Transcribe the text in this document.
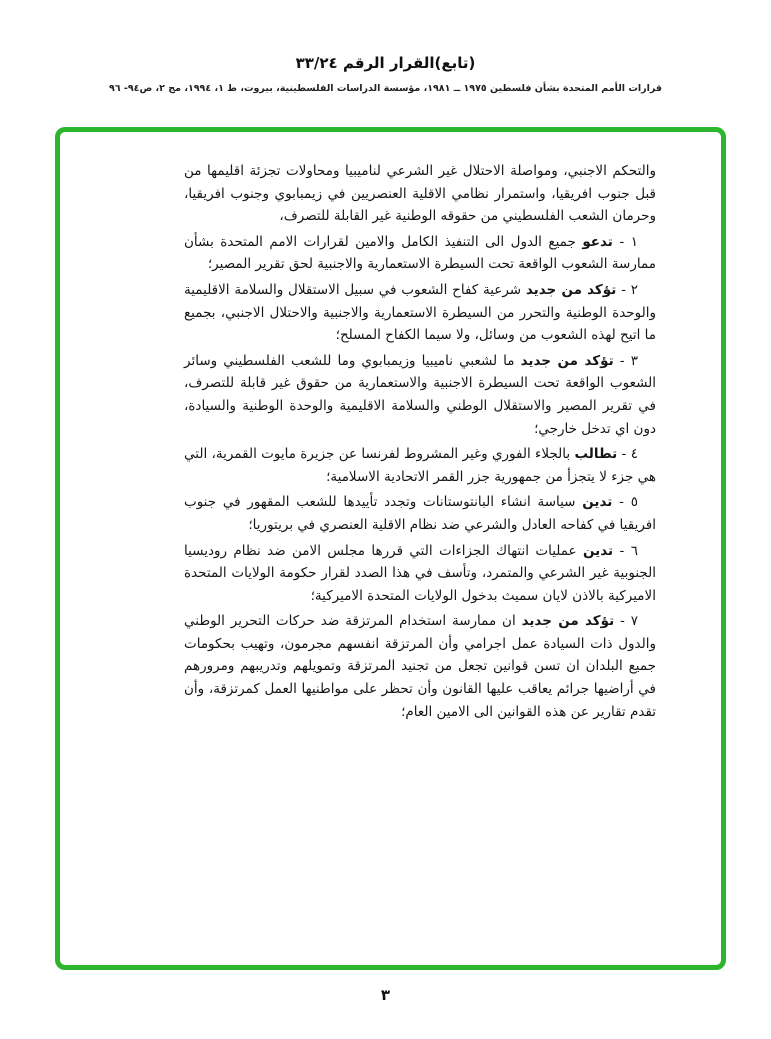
(تابع)القرار الرقم ٣٣/٢٤
قرارات الأمم المتحدة بشأن فلسطين ١٩٧٥ ــ ١٩٨١، مؤسسة الدراسات الفلسطينية، بيروت، ط ١، ١٩٩٤، مج ٢، ص٩٤- ٩٦

والتحكم الاجنبي، ومواصلة الاحتلال غير الشرعي لناميبيا ومحاولات تجزئة اقليمها من قبل جنوب افريقيا، واستمرار نظامي الاقلية العنصريين في زيمبابوي وجنوب افريقيا، وحرمان الشعب الفلسطيني من حقوقه الوطنية غير القابلة للتصرف،

١ - تدعو جميع الدول الى التنفيذ الكامل والامين لقرارات الامم المتحدة بشأن ممارسة الشعوب الواقعة تحت السيطرة الاستعمارية والاجنبية لحق تقرير المصير؛

٢ - تؤكد من جديد شرعية كفاح الشعوب في سبيل الاستقلال والسلامة الاقليمية والوحدة الوطنية والتحرر من السيطرة الاستعمارية والاجنبية والاحتلال الاجنبي، بجميع ما اتيح لهذه الشعوب من وسائل، ولا سيما الكفاح المسلح؛

٣ - تؤكد من جديد ما لشعبي ناميبيا وزيمبابوي وما للشعب الفلسطيني وسائر الشعوب الواقعة تحت السيطرة الاجنبية والاستعمارية من حقوق غير قابلة للتصرف، في تقرير المصير والاستقلال الوطني والسلامة الاقليمية والوحدة الوطنية والسيادة، دون اي تدخل خارجي؛

٤ - تطالب بالجلاء الفوري وغير المشروط لفرنسا عن جزيرة مايوت القمرية، التي هي جزء لا يتجزأ من جمهورية جزر القمر الاتحادية الاسلامية؛

٥ - تدين سياسة انشاء البانتوستانات وتجدد تأييدها للشعب المقهور في جنوب افريقيا في كفاحه العادل والشرعي ضد نظام الاقلية العنصري في بريتوريا؛

٦ - تدين عمليات انتهاك الجزاءات التي قررها مجلس الامن ضد نظام روديسيا الجنوبية غير الشرعي والمتمرد، وتأسف في هذا الصدد لقرار حكومة الولايات المتحدة الاميركية بالاذن لايان سميث بدخول الولايات المتحدة الاميركية؛

٧ - تؤكد من جديد ان ممارسة استخدام المرتزقة ضد حركات التحرير الوطني والدول ذات السيادة عمل اجرامي وأن المرتزقة انفسهم مجرمون، وتهيب بحكومات جميع البلدان ان تسن قوانين تجعل من تجنيد المرتزقة وتمويلهم وتدريبهم ومرورهم في أراضيها جرائم يعاقب عليها القانون وأن تحظر على مواطنيها العمل كمرتزقة، وأن تقدم تقارير عن هذه القوانين الى الامين العام؛

٣
